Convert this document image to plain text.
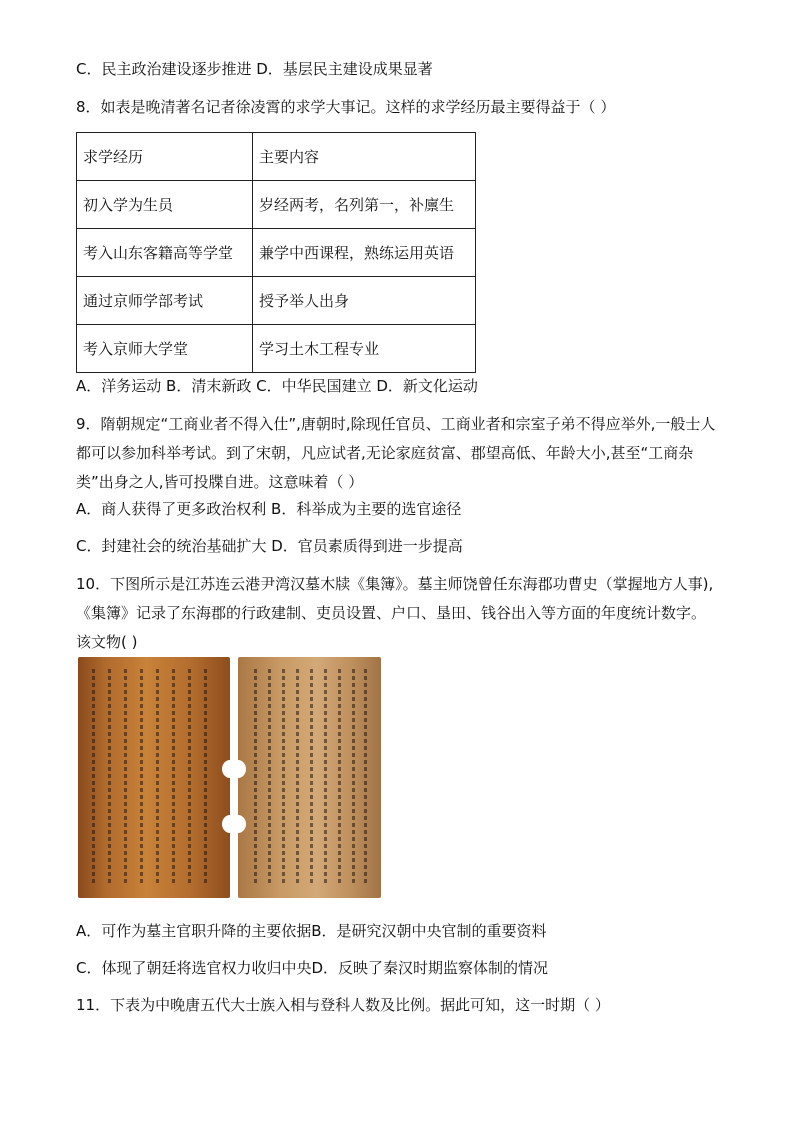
C．民主政治建设逐步推进 D．基层民主建设成果显著
8．如表是晚清著名记者徐凌霄的求学大事记。这样的求学经历最主要得益于（ ）
求学经历	主要内容
初入学为生员	岁经两考，名列第一，补廪生
考入山东客籍高等学堂	兼学中西课程，熟练运用英语
通过京师学部考试	授予举人出身
考入京师大学堂	学习土木工程专业
A．洋务运动 B．清末新政 C．中华民国建立 D．新文化运动
9．隋朝规定“工商业者不得入仕”,唐朝时,除现任官员、工商业者和宗室子弟不得应举外,一般士人都可以参加科举考试。到了宋朝，凡应试者,无论家庭贫富、郡望高低、年龄大小,甚至“工商杂类”出身之人,皆可投牒自进。这意味着（ ）
A．商人获得了更多政治权利 B．科举成为主要的选官途径
C．封建社会的统治基础扩大 D．官员素质得到进一步提高
10．下图所示是江苏连云港尹湾汉墓木牍《集簿》。墓主师饶曾任东海郡功曹史（掌握地方人事),《集簿》记录了东海郡的行政建制、吏员设置、户口、垦田、钱谷出入等方面的年度统计数字。该文物( )
A．可作为墓主官职升降的主要依据B．是研究汉朝中央官制的重要资料
C．体现了朝廷将选官权力收归中央D．反映了秦汉时期监察体制的情况
11．下表为中晚唐五代大士族入相与登科人数及比例。据此可知，这一时期（ ）
